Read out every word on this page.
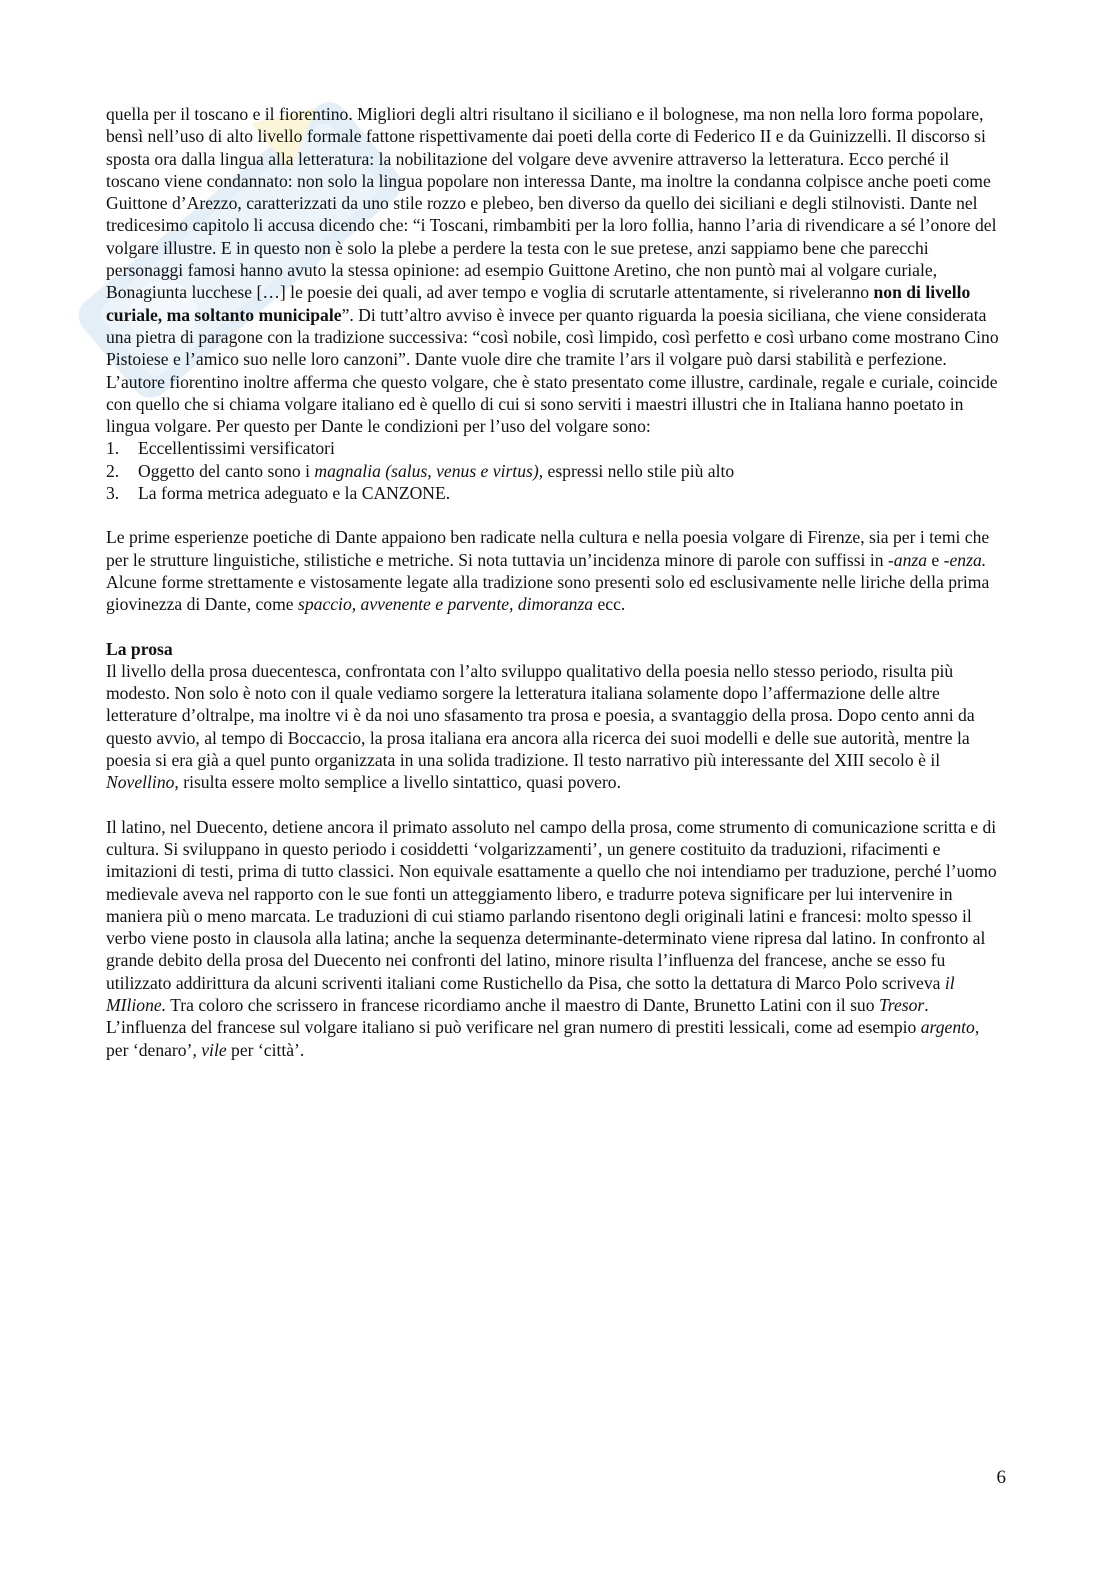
quella per il toscano e il fiorentino. Migliori degli altri risultano il siciliano e il bolognese, ma non nella loro forma popolare, bensì nell’uso di alto livello formale fattone rispettivamente dai poeti della corte di Federico II e da Guinizzelli. Il discorso si sposta ora dalla lingua alla letteratura: la nobilitazione del volgare deve avvenire attraverso la letteratura. Ecco perché il toscano viene condannato: non solo la lingua popolare non interessa Dante, ma inoltre la condanna colpisce anche poeti come Guittone d’Arezzo, caratterizzati da uno stile rozzo e plebeo, ben diverso da quello dei siciliani e degli stilnovisti. Dante nel tredicesimo capitolo li accusa dicendo che: “i Toscani, rimbambiti per la loro follia, hanno l’aria di rivendicare a sé l’onore del volgare illustre. E in questo non è solo la plebe a perdere la testa con le sue pretese, anzi sappiamo bene che parecchi personaggi famosi hanno avuto la stessa opinione: ad esempio Guittone Aretino, che non puntò mai al volgare curiale, Bonagiunta lucchese […] le poesie dei quali, ad aver tempo e voglia di scrutarle attentamente, si riveleranno non di livello curiale, ma soltanto municipale”. Di tutt’altro avviso è invece per quanto riguarda la poesia siciliana, che viene considerata una pietra di paragone con la tradizione successiva: “così nobile, così limpido, così perfetto e così urbano come mostrano Cino Pistoiese e l’amico suo nelle loro canzoni”. Dante vuole dire che tramite l’ars il volgare può darsi stabilità e perfezione. L’autore fiorentino inoltre afferma che questo volgare, che è stato presentato come illustre, cardinale, regale e curiale, coincide con quello che si chiama volgare italiano ed è quello di cui si sono serviti i maestri illustri che in Italiana hanno poetato in lingua volgare. Per questo per Dante le condizioni per l’uso del volgare sono:

1. Eccellentissimi versificatori
2. Oggetto del canto sono i magnalia (salus, venus e virtus), espressi nello stile più alto
3. La forma metrica adeguato e la CANZONE.

Le prime esperienze poetiche di Dante appaiono ben radicate nella cultura e nella poesia volgare di Firenze, sia per i temi che per le strutture linguistiche, stilistiche e metriche. Si nota tuttavia un’incidenza minore di parole con suffissi in -anza e -enza. Alcune forme strettamente e vistosamente legate alla tradizione sono presenti solo ed esclusivamente nelle liriche della prima giovinezza di Dante, come spaccio, avvenente e parvente, dimoranza ecc.

La prosa

Il livello della prosa duecentesca, confrontata con l’alto sviluppo qualitativo della poesia nello stesso periodo, risulta più modesto. Non solo è noto con il quale vediamo sorgere la letteratura italiana solamente dopo l’affermazione delle altre letterature d’oltralpe, ma inoltre vi è da noi uno sfasamento tra prosa e poesia, a svantaggio della prosa. Dopo cento anni da questo avvio, al tempo di Boccaccio, la prosa italiana era ancora alla ricerca dei suoi modelli e delle sue autorità, mentre la poesia si era già a quel punto organizzata in una solida tradizione. Il testo narrativo più interessante del XIII secolo è il Novellino, risulta essere molto semplice a livello sintattico, quasi povero.

Il latino, nel Duecento, detiene ancora il primato assoluto nel campo della prosa, come strumento di comunicazione scritta e di cultura. Si sviluppano in questo periodo i cosiddetti ‘volgarizzamenti’, un genere costituito da traduzioni, rifacimenti e imitazioni di testi, prima di tutto classici. Non equivale esattamente a quello che noi intendiamo per traduzione, perché l’uomo medievale aveva nel rapporto con le sue fonti un atteggiamento libero, e tradurre poteva significare per lui intervenire in maniera più o meno marcata. Le traduzioni di cui stiamo parlando risentono degli originali latini e francesi: molto spesso il verbo viene posto in clausola alla latina; anche la sequenza determinante-determinato viene ripresa dal latino. In confronto al grande debito della prosa del Duecento nei confronti del latino, minore risulta l’influenza del francese, anche se esso fu utilizzato addirittura da alcuni scriventi italiani come Rustichello da Pisa, che sotto la dettatura di Marco Polo scriveva il MIlione. Tra coloro che scrissero in francese ricordiamo anche il maestro di Dante, Brunetto Latini con il suo Tresor. L’influenza del francese sul volgare italiano si può verificare nel gran numero di prestiti lessicali, come ad esempio argento, per ‘denaro’, vile per ‘città’.

6
